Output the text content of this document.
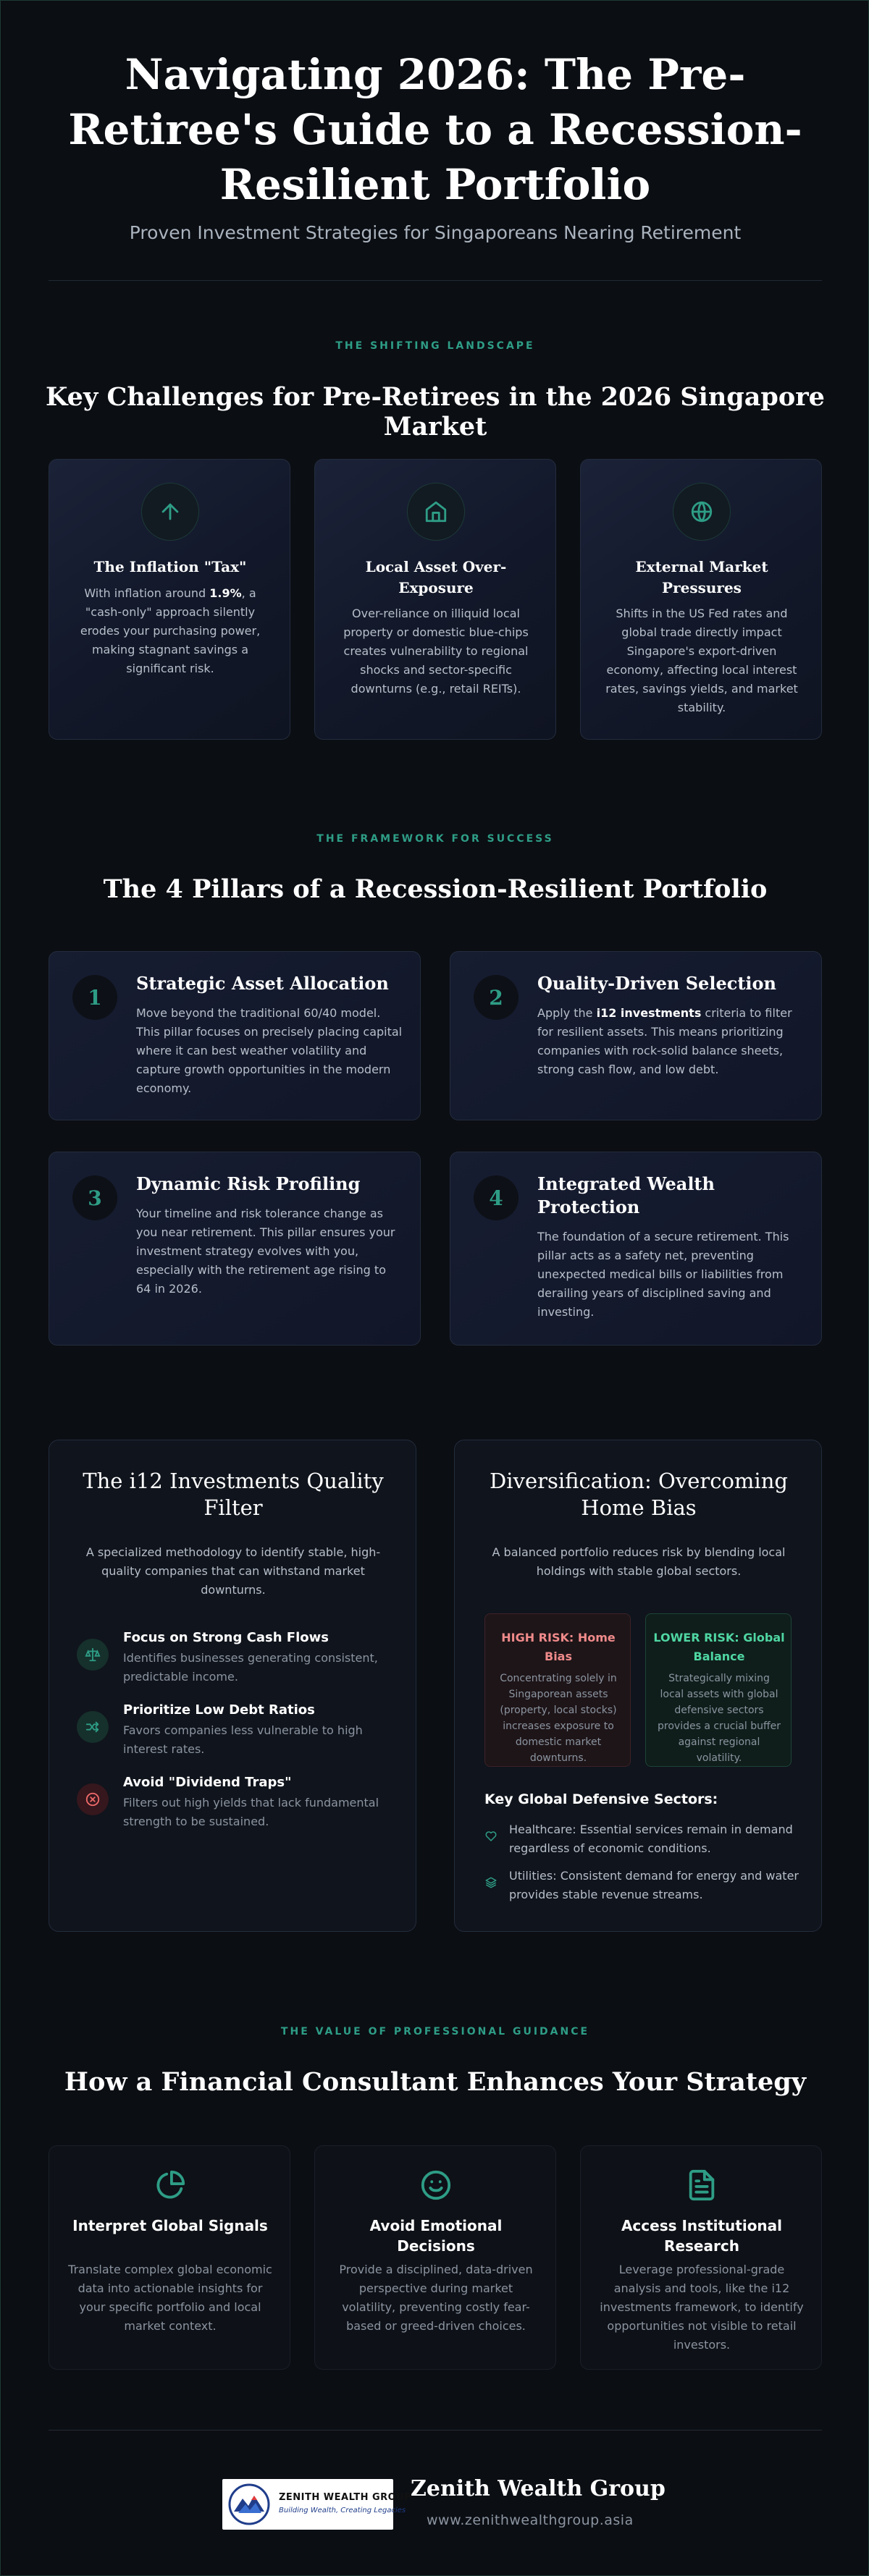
Navigating 2026: The Pre-Retiree's Guide to a Recession-Resilient Portfolio
Proven Investment Strategies for Singaporeans Nearing Retirement
THE SHIFTING LANDSCAPE
Key Challenges for Pre-Retirees in the 2026 Singapore Market
The Inflation "Tax"
With inflation around 1.9%, a "cash-only" approach silently erodes your purchasing power, making stagnant savings a significant risk.
Local Asset Over-Exposure
Over-reliance on illiquid local property or domestic blue-chips creates vulnerability to regional shocks and sector-specific downturns (e.g., retail REITs).
External Market Pressures
Shifts in the US Fed rates and global trade directly impact Singapore's export-driven economy, affecting local interest rates, savings yields, and market stability.
THE FRAMEWORK FOR SUCCESS
The 4 Pillars of a Recession-Resilient Portfolio
1
Strategic Asset Allocation
Move beyond the traditional 60/40 model. This pillar focuses on precisely placing capital where it can best weather volatility and capture growth opportunities in the modern economy.
2
Quality-Driven Selection
Apply the i12 investments criteria to filter for resilient assets. This means prioritizing companies with rock-solid balance sheets, strong cash flow, and low debt.
3
Dynamic Risk Profiling
Your timeline and risk tolerance change as you near retirement. This pillar ensures your investment strategy evolves with you, especially with the retirement age rising to 64 in 2026.
4
Integrated Wealth Protection
The foundation of a secure retirement. This pillar acts as a safety net, preventing unexpected medical bills or liabilities from derailing years of disciplined saving and investing.
The i12 Investments Quality Filter
A specialized methodology to identify stable, high-quality companies that can withstand market downturns.
Focus on Strong Cash Flows
Identifies businesses generating consistent, predictable income.
Prioritize Low Debt Ratios
Favors companies less vulnerable to high interest rates.
Avoid "Dividend Traps"
Filters out high yields that lack fundamental strength to be sustained.
Diversification: Overcoming Home Bias
A balanced portfolio reduces risk by blending local holdings with stable global sectors.
HIGH RISK: Home Bias
Concentrating solely in Singaporean assets (property, local stocks) increases exposure to domestic market downturns.
LOWER RISK: Global Balance
Strategically mixing local assets with global defensive sectors provides a crucial buffer against regional volatility.
Key Global Defensive Sectors:
Healthcare: Essential services remain in demand regardless of economic conditions.
Utilities: Consistent demand for energy and water provides stable revenue streams.
THE VALUE OF PROFESSIONAL GUIDANCE
How a Financial Consultant Enhances Your Strategy
Interpret Global Signals
Translate complex global economic data into actionable insights for your specific portfolio and local market context.
Avoid Emotional Decisions
Provide a disciplined, data-driven perspective during market volatility, preventing costly fear-based or greed-driven choices.
Access Institutional Research
Leverage professional-grade analysis and tools, like the i12 investments framework, to identify opportunities not visible to retail investors.
ZENITH WEALTH GROUP
Building Wealth, Creating Legacies
Zenith Wealth Group
www.zenithwealthgroup.asia
